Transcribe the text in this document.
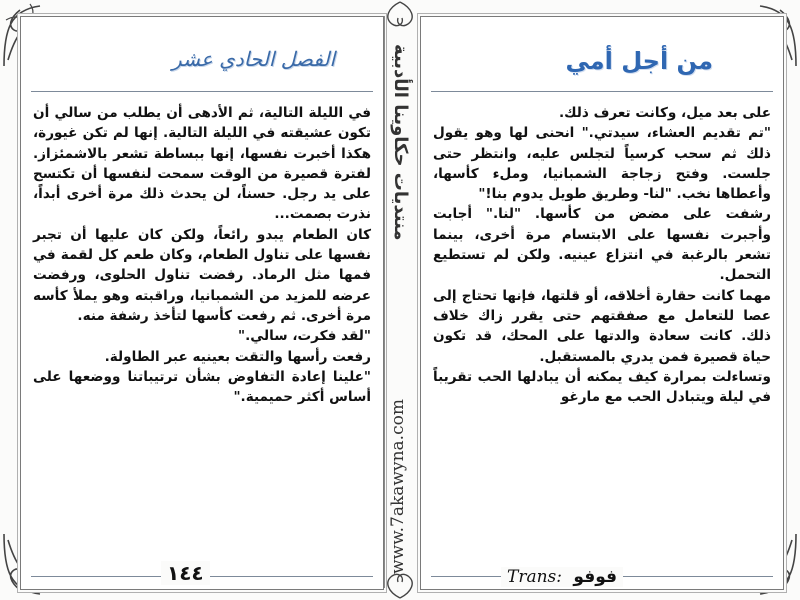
الفصل الحادي عشر

في الليلة التالية، ثم الأدهى أن يطلب من سالي أن تكون عشيقته في الليلة التالية. إنها لم تكن غيورة، هكذا أخبرت نفسها، إنها ببساطة تشعر بالاشمئزاز. لفترة قصيرة من الوقت سمحت لنفسها أن تكتسح على يد رجل. حسناً، لن يحدث ذلك مرة أخرى أبداً، نذرت بصمت...

كان الطعام يبدو رائعاً، ولكن كان عليها أن تجبر نفسها على تناول الطعام، وكان طعم كل لقمة في فمها مثل الرماد. رفضت تناول الحلوى، ورفضت عرضه للمزيد من الشمبانيا، وراقبته وهو يملأ كأسه مرة أخرى. ثم رفعت كأسها لتأخذ رشفة منه.

"لقد فكرت، سالي."

رفعت رأسها والتقت بعينيه عبر الطاولة.

"علينا إعادة التفاوض بشأن ترتيباتنا ووضعها على أساس أكثر حميمية."

١٤٤
منتديات حكاوينا الأدبية
www.7akawyna.com
من أجل أمي

على بعد ميل، وكانت تعرف ذلك.

"تم تقديم العشاء، سيدتي." انحنى لها وهو يقول ذلك ثم سحب كرسياً لتجلس عليه، وانتظر حتى جلست. وفتح زجاجة الشمبانيا، وملء كأسها، وأعطاها نخب. "لنا- وطريق طويل يدوم بنا!"

رشفت على مضض من كأسها. "لنا." أجابت وأجبرت نفسها على الابتسام مرة أخرى، بينما تشعر بالرغبة في انتزاع عينيه. ولكن لم تستطيع التحمل.

مهما كانت حقارة أخلاقه، أو قلتها، فإنها تحتاج إلى عصا للتعامل مع صفقتهم حتى يقرر زاك خلاف ذلك. كانت سعادة والدتها على المحك، قد تكون حياة قصيرة فمن يدري بالمستقبل.

وتساءلت بمرارة كيف يمكنه أن يبادلها الحب تقريباً في ليلة ويتبادل الحب مع مارغو

Trans: فوفو
